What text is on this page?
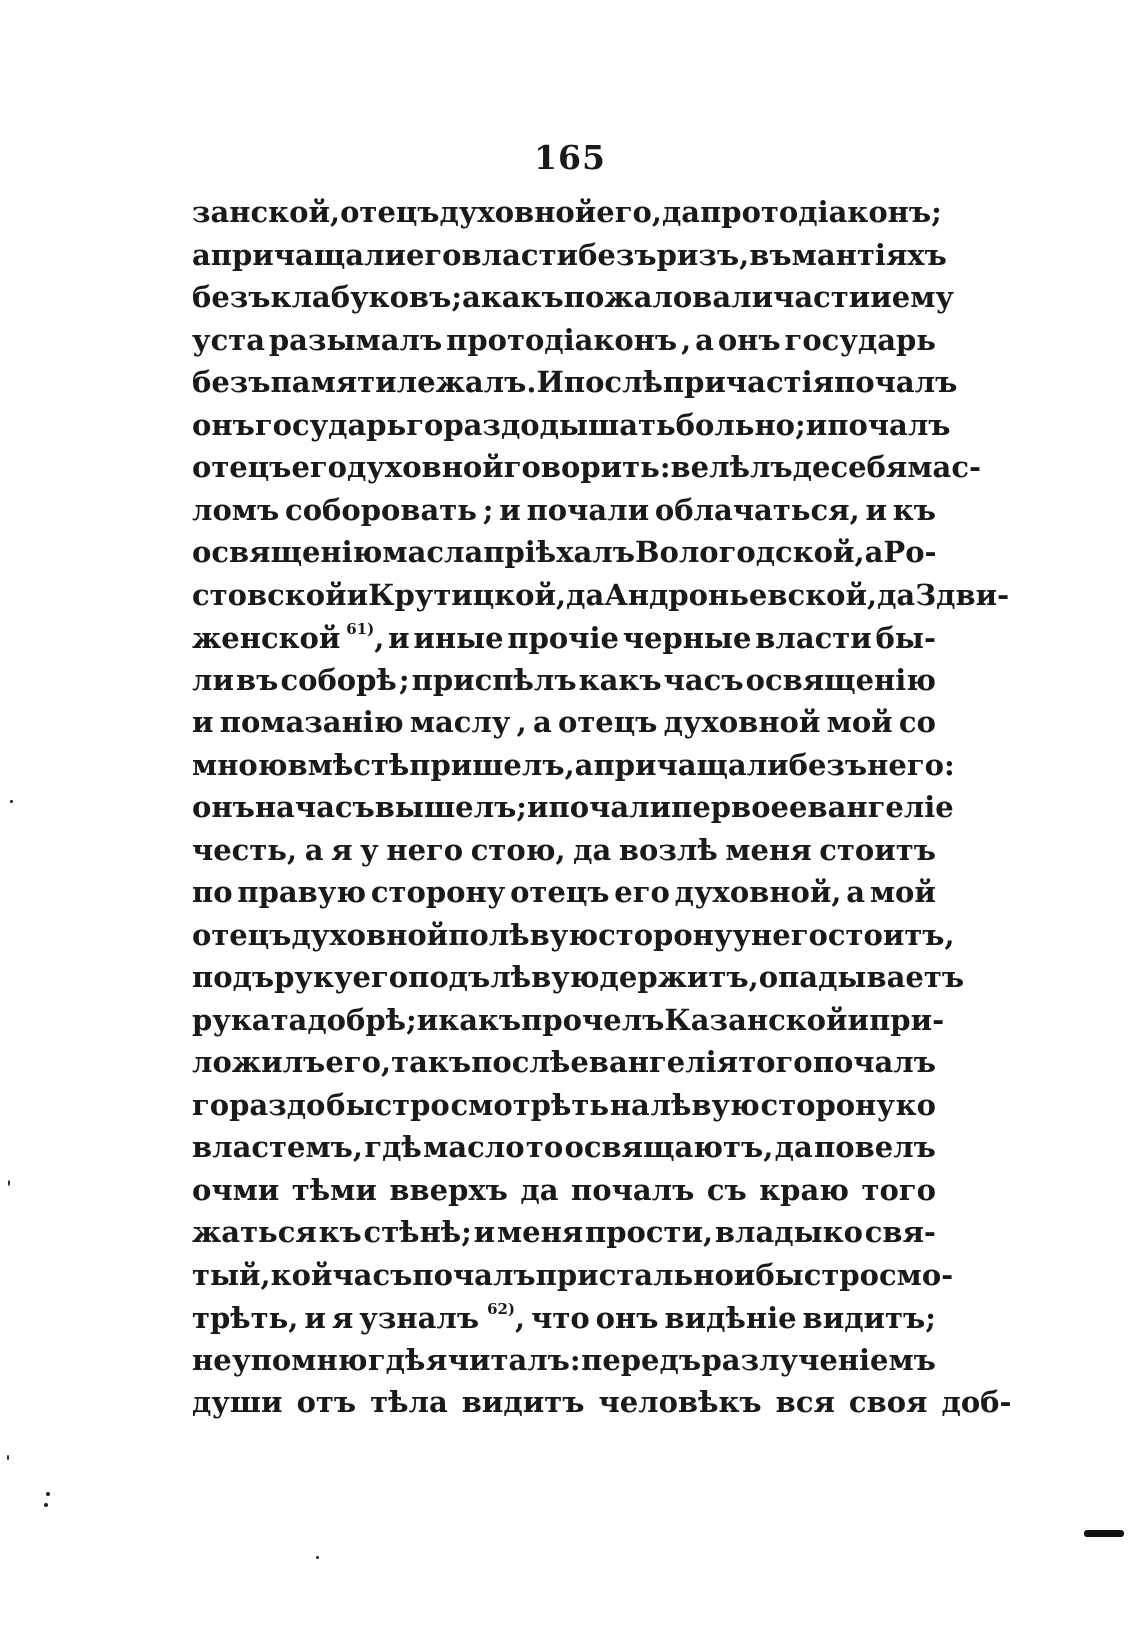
165
занской, отецъ духовной его, да протодіаконъ;
а причащали его власти безъ ризъ, въ мантіяхъ
безъ клабуковъ; а какъ пожаловали части и ему
уста разымалъ протодіаконъ , а онъ государь
безъ памяти лежалъ. И послѣ причастія почалъ
онъ государь гораздо дышать больно; и почалъ
отецъ его духовной говорить: велѣлъ де себя мас-
ломъ соборовать ; и почали облачаться, и къ
освященію масла пріѣхалъ Вологодской, а Ро-
стовской и Крутицкой, да Андроньевской, да Здви-
женской $^{61)}$, и иные прочіе черные власти бы-
ли въ соборѣ ; приспѣлъ какъ часъ освященію
и помазанію маслу , а отецъ духовной мой со
мною вмѣстѣ пришелъ, а причащали безъ него:
онъ на часъ вышелъ; и почали первое евангеліе
честь, а я у него стою, да возлѣ меня стоитъ
по правую сторону отецъ его духовной, а мой
отецъ духовной по лѣвую сторону у него стоитъ,
подъ руку его подъ лѣвую держитъ, опадываетъ
рука та добрѣ; и какъ прочелъ Казанской и при-
ложилъ его, такъ послѣ евангелія того почалъ
гораздо быстро смотрѣть на лѣвую сторону ко
властемъ, гдѣ масло то освящаютъ, да повелъ
очми тѣми вверхъ да почалъ съ краю того
жаться къ стѣнѣ; и меня прости, владыко свя-
тый, кой часъ почалъ пристально и быстро смо-
трѣть, и я узналъ $^{62)}$, что онъ видѣніе видитъ;
не упомню гдѣ я читалъ: передъ разлученіемъ
души отъ тѣла видитъ человѣкъ вся своя доб-
